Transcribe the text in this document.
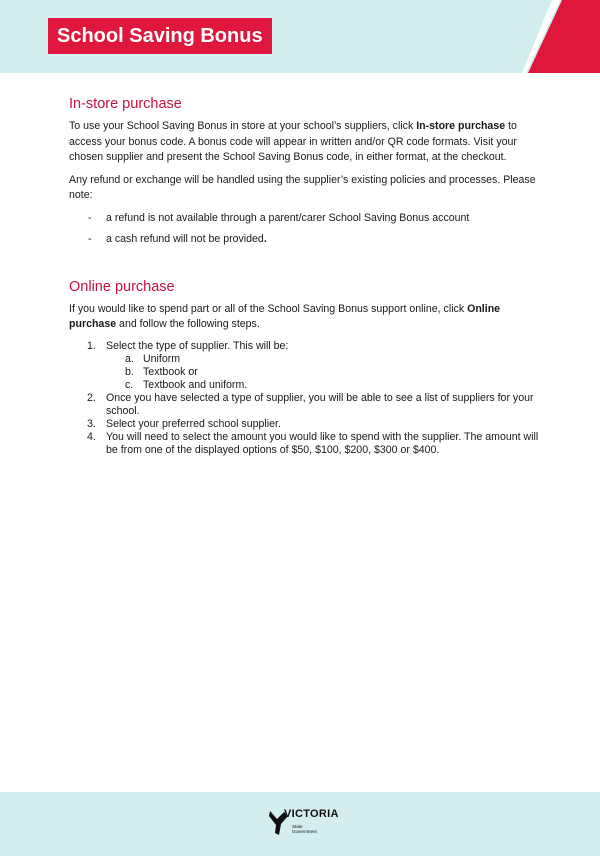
School Saving Bonus
In-store purchase

To use your School Saving Bonus in store at your school’s suppliers, click In-store purchase to access your bonus code. A bonus code will appear in written and/or QR code formats. Visit your chosen supplier and present the School Saving Bonus code, in either format, at the checkout.

Any refund or exchange will be handled using the supplier’s existing policies and processes. Please note:

- a refund is not available through a parent/carer School Saving Bonus account
- a cash refund will not be provided.
Online purchase

If you would like to spend part or all of the School Saving Bonus support online, click Online purchase and follow the following steps.

1. Select the type of supplier. This will be:
a. Uniform
b. Textbook or
c. Textbook and uniform.
2. Once you have selected a type of supplier, you will be able to see a list of suppliers for your school.
3. Select your preferred school supplier.
4. You will need to select the amount you would like to spend with the supplier. The amount will be from one of the displayed options of $50, $100, $200, $300 or $400.
VICTORIA
State
Government
